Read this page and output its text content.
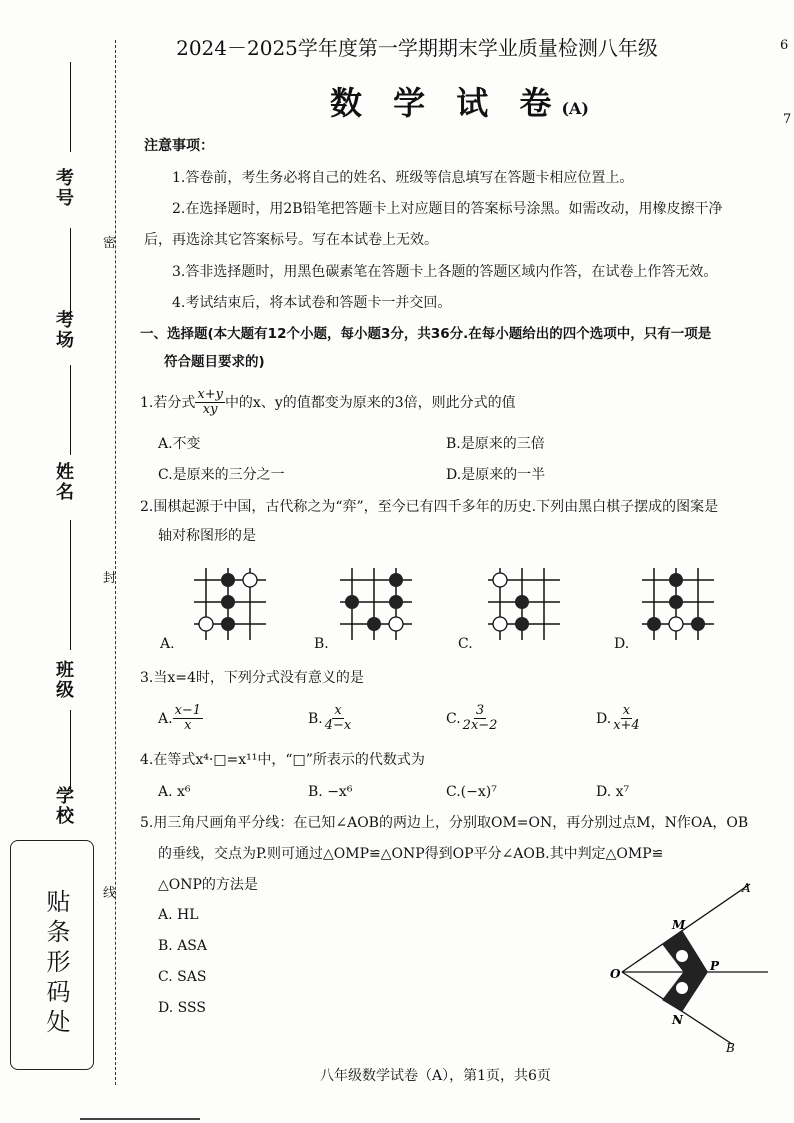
6
7
考号
考场
姓名
班级
学校
密
封
线
贴条形码处
2024－2025学年度第一学期期末学业质量检测八年级
数 学 试 卷(A)
注意事项：
1.答卷前，考生务必将自己的姓名、班级等信息填写在答题卡相应位置上。
2.在选择题时，用2B铅笔把答题卡上对应题目的答案标号涂黑。如需改动，用橡皮擦干净
后，再选涂其它答案标号。写在本试卷上无效。
3.答非选择题时，用黑色碳素笔在答题卡上各题的答题区域内作答，在试卷上作答无效。
4.考试结束后，将本试卷和答题卡一并交回。
一、选择题(本大题有12个小题，每小题3分，共36分.在每小题给出的四个选项中，只有一项是
符合题目要求的)
1.若分式 $\frac{x+y}{xy}$ 中的x、y的值都变为原来的3倍，则此分式的值
A.不变	B.是原来的三倍
C.是原来的三分之一	D.是原来的一半
2.围棋起源于中国，古代称之为“弈”，至今已有四千多年的历史.下列由黑白棋子摆成的图案是
轴对称图形的是
A.	B.	C.	D.
3.当x=4时，下列分式没有意义的是
A. $\frac{x-1}{x}$	B. $\frac{x}{4-x}$	C. $\frac{3}{2x-2}$	D. $\frac{x}{x+4}$
4.在等式x⁴·□=x¹¹中，“□”所表示的代数式为
A. x⁶	B. −x⁶	C.(−x)⁷	D. x⁷
5.用三角尺画角平分线：在已知∠AOB的两边上，分别取OM=ON，再分别过点M，N作OA，OB
的垂线，交点为P.则可通过△OMP≌△ONP得到OP平分∠AOB.其中判定△OMP≌
△ONP的方法是
A. HL
B. ASA
C. SAS
D. SSS
A
M
O
P
N
B
八年级数学试卷（A），第1页，共6页
